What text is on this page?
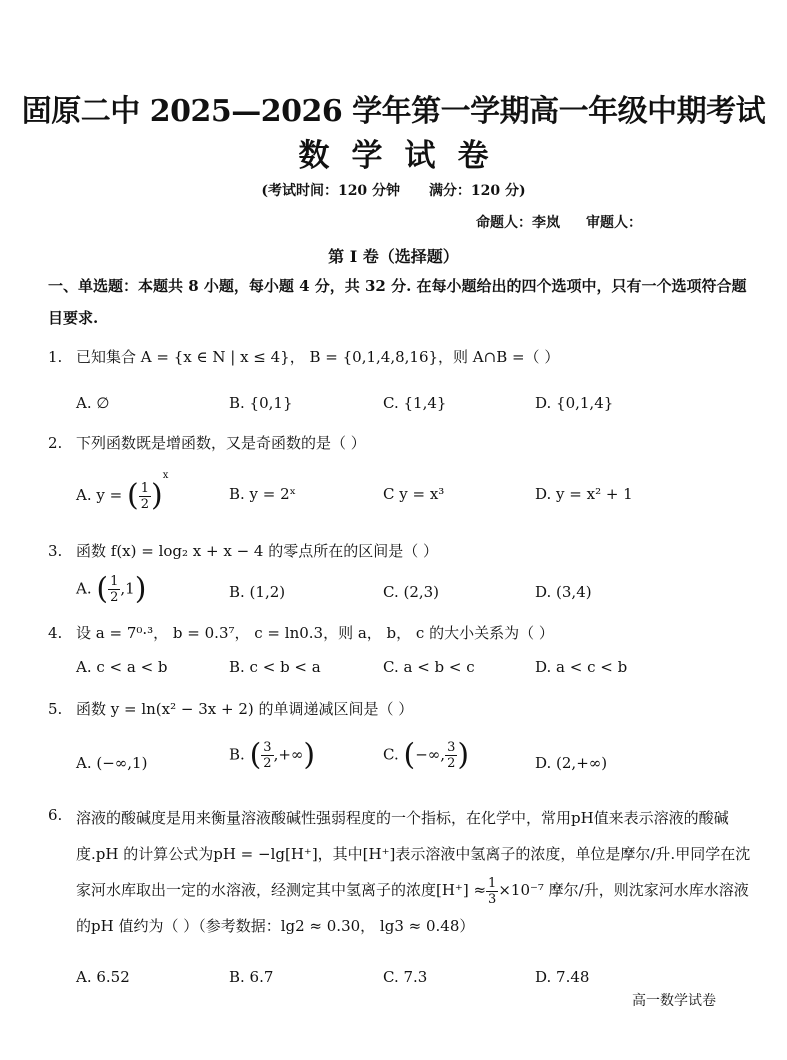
固原二中 2025—2026 学年第一学期高一年级中期考试
数学试卷
(考试时间：120 分钟 满分：120 分)
命题人：李岚 审题人：
第 I 卷（选择题）
一、单选题：本题共 8 小题，每小题 4 分，共 32 分. 在每小题给出的四个选项中，只有一个选项符合题目要求.
1. 已知集合 A = {x ∈ N | x ≤ 4}， B = {0,1,4,8,16}，则 A∩B =（ ）
A. ∅	B. {0,1}	C. {1,4}	D. {0,1,4}
2. 下列函数既是增函数，又是奇函数的是（ ）
A. y = ( $\frac{1}{2} )^x$
B. y = 2ˣ	C y = x³	D. y = x² + 1
3. 函数 f(x) = log₂ x + x − 4 的零点所在的区间是（ ）
A. ( $\frac{1}{2} ,1$)	B. (1,2)	C. (2,3)	D. (3,4)
4. 设 a = 7⁰·³， b = 0.3⁷， c = ln0.3，则 a， b， c 的大小关系为（ ）
A. c < a < b	B. c < b < a	C. a < b < c	D. a < c < b
5. 函数 y = ln(x² − 3x + 2) 的单调递减区间是（ ）
A. (−∞,1)	B. ( $\frac{3}{2}$ ,+∞)	C. (−∞, $\frac{3}{2}$ )	D. (2,+∞)
6. 溶液的酸碱度是用来衡量溶液酸碱性强弱程度的一个指标，在化学中，常用pH值来表示溶液的酸碱
度.pH 的计算公式为pH = −lg[H⁺]，其中[H⁺]表示溶液中氢离子的浓度，单位是摩尔/升.甲同学在沈
家河水库取出一定的水溶液，经测定其中氢离子的浓度$[H^+] \approx \frac{1}{3} \times 10^{-7}$ 摩尔/升，则沈家河水库水溶液
的pH 值约为（ ）（参考数据：lg2 ≈ 0.30， lg3 ≈ 0.48）
A. 6.52	B. 6.7	C. 7.3	D. 7.48
高一数学试卷
